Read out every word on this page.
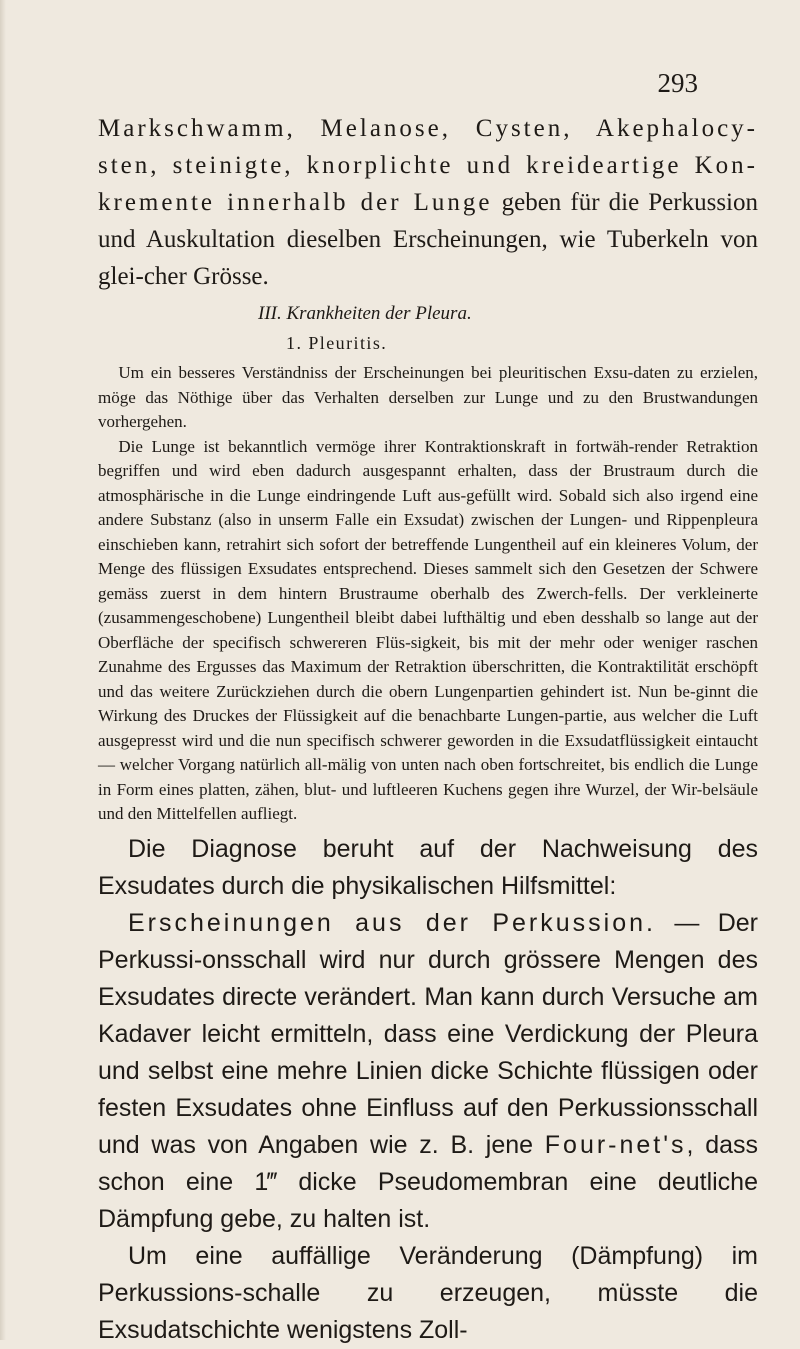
293

Markschwamm, Melanose, Cysten, Akephalocy-sten, steinigte, knorplichte und kreideartige Kon-kremente innerhalb der Lunge geben für die Perkussion und Auskultation dieselben Erscheinungen, wie Tuberkeln von glei-cher Grösse.

III. Krankheiten der Pleura.
1. Pleuritis.

Um ein besseres Verständniss der Erscheinungen bei pleuritischen Exsu-daten zu erzielen, möge das Nöthige über das Verhalten derselben zur Lunge und zu den Brustwandungen vorhergehen.

Die Lunge ist bekanntlich vermöge ihrer Kontraktionskraft in fortwäh-render Retraktion begriffen und wird eben dadurch ausgespannt erhalten, dass der Brustraum durch die atmosphärische in die Lunge eindringende Luft aus-gefüllt wird. Sobald sich also irgend eine andere Substanz (also in unserm Falle ein Exsudat) zwischen der Lungen- und Rippenpleura einschieben kann, retrahirt sich sofort der betreffende Lungentheil auf ein kleineres Volum, der Menge des flüssigen Exsudates entsprechend. Dieses sammelt sich den Gesetzen der Schwere gemäss zuerst in dem hintern Brustraume oberhalb des Zwerch-fells. Der verkleinerte (zusammengeschobene) Lungentheil bleibt dabei lufthältig und eben desshalb so lange aut der Oberfläche der specifisch schwereren Flüs-sigkeit, bis mit der mehr oder weniger raschen Zunahme des Ergusses das Maximum der Retraktion überschritten, die Kontraktilität erschöpft und das weitere Zurückziehen durch die obern Lungenpartien gehindert ist. Nun be-ginnt die Wirkung des Druckes der Flüssigkeit auf die benachbarte Lungen-partie, aus welcher die Luft ausgepresst wird und die nun specifisch schwerer geworden in die Exsudatflüssigkeit eintaucht — welcher Vorgang natürlich all-mälig von unten nach oben fortschreitet, bis endlich die Lunge in Form eines platten, zähen, blut- und luftleeren Kuchens gegen ihre Wurzel, der Wir-belsäule und den Mittelfellen aufliegt.

Die Diagnose beruht auf der Nachweisung des Exsudates durch die physikalischen Hilfsmittel:

Erscheinungen aus der Perkussion. — Der Perkussi-onsschall wird nur durch grössere Mengen des Exsudates directe verändert. Man kann durch Versuche am Kadaver leicht ermitteln, dass eine Verdickung der Pleura und selbst eine mehre Linien dicke Schichte flüssigen oder festen Exsudates ohne Einfluss auf den Perkussionsschall und was von Angaben wie z. B. jene Four-net's, dass schon eine 1‴ dicke Pseudomembran eine deutliche Dämpfung gebe, zu halten ist.

Um eine auffällige Veränderung (Dämpfung) im Perkussions-schalle zu erzeugen, müsste die Exsudatschichte wenigstens Zoll-
